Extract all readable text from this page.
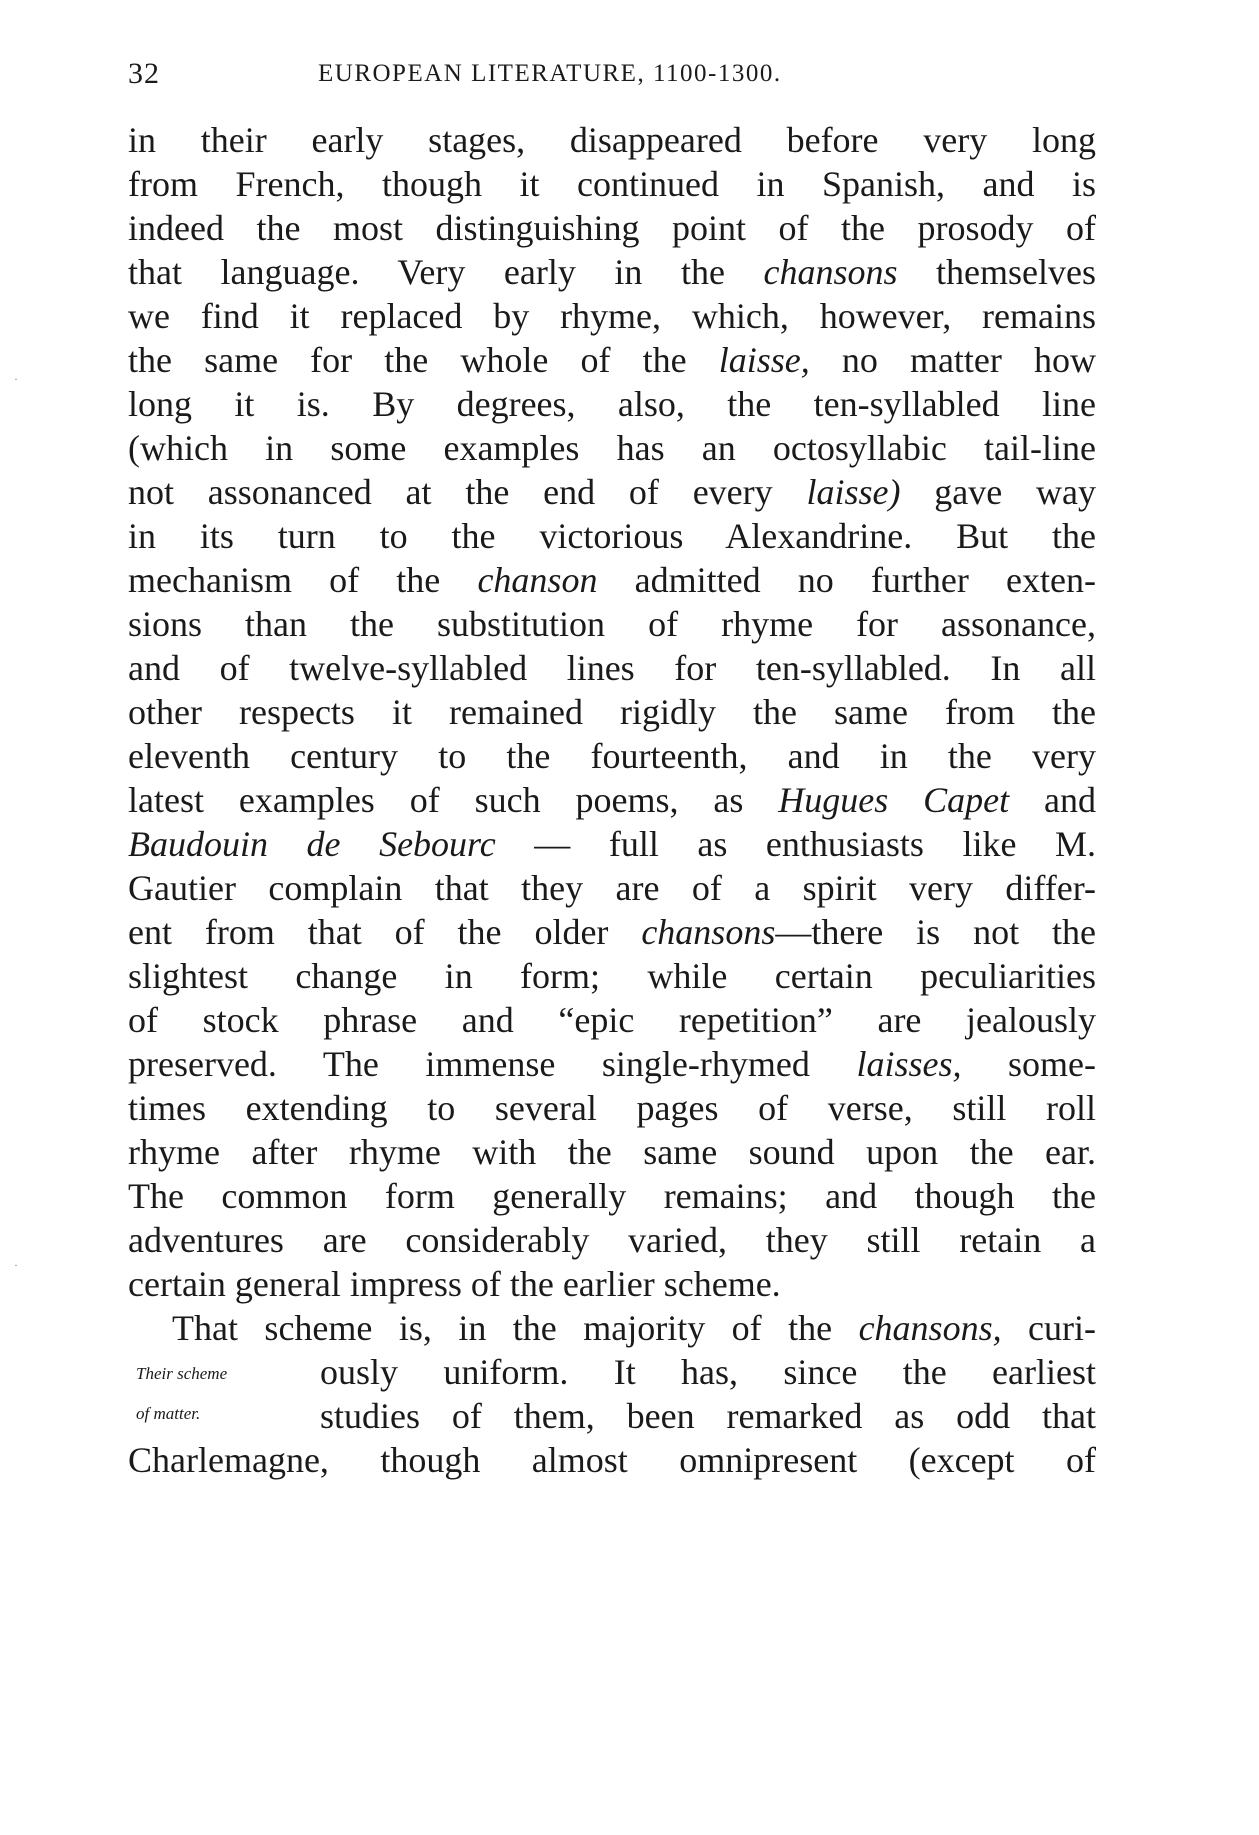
32	EUROPEAN LITERATURE, 1100-1300.
in their early stages, disappeared before very long
from French, though it continued in Spanish, and is
indeed the most distinguishing point of the prosody of
that language. Very early in the chansons themselves
we find it replaced by rhyme, which, however, remains
the same for the whole of the laisse, no matter how
long it is. By degrees, also, the ten-syllabled line
(which in some examples has an octosyllabic tail-line
not assonanced at the end of every laisse) gave way
in its turn to the victorious Alexandrine. But the
mechanism of the chanson admitted no further exten-
sions than the substitution of rhyme for assonance,
and of twelve-syllabled lines for ten-syllabled. In all
other respects it remained rigidly the same from the
eleventh century to the fourteenth, and in the very
latest examples of such poems, as Hugues Capet and
Baudouin de Sebourc — full as enthusiasts like M.
Gautier complain that they are of a spirit very differ-
ent from that of the older chansons—there is not the
slightest change in form; while certain peculiarities
of stock phrase and “epic repetition” are jealously
preserved. The immense single-rhymed laisses, some-
times extending to several pages of verse, still roll
rhyme after rhyme with the same sound upon the ear.
The common form generally remains; and though the
adventures are considerably varied, they still retain a
certain general impress of the earlier scheme.
That scheme is, in the majority of the chansons, curi-
ously uniform. It has, since the earliest
studies of them, been remarked as odd that
Charlemagne, though almost omnipresent (except of
Their scheme
of matter.
·
·
